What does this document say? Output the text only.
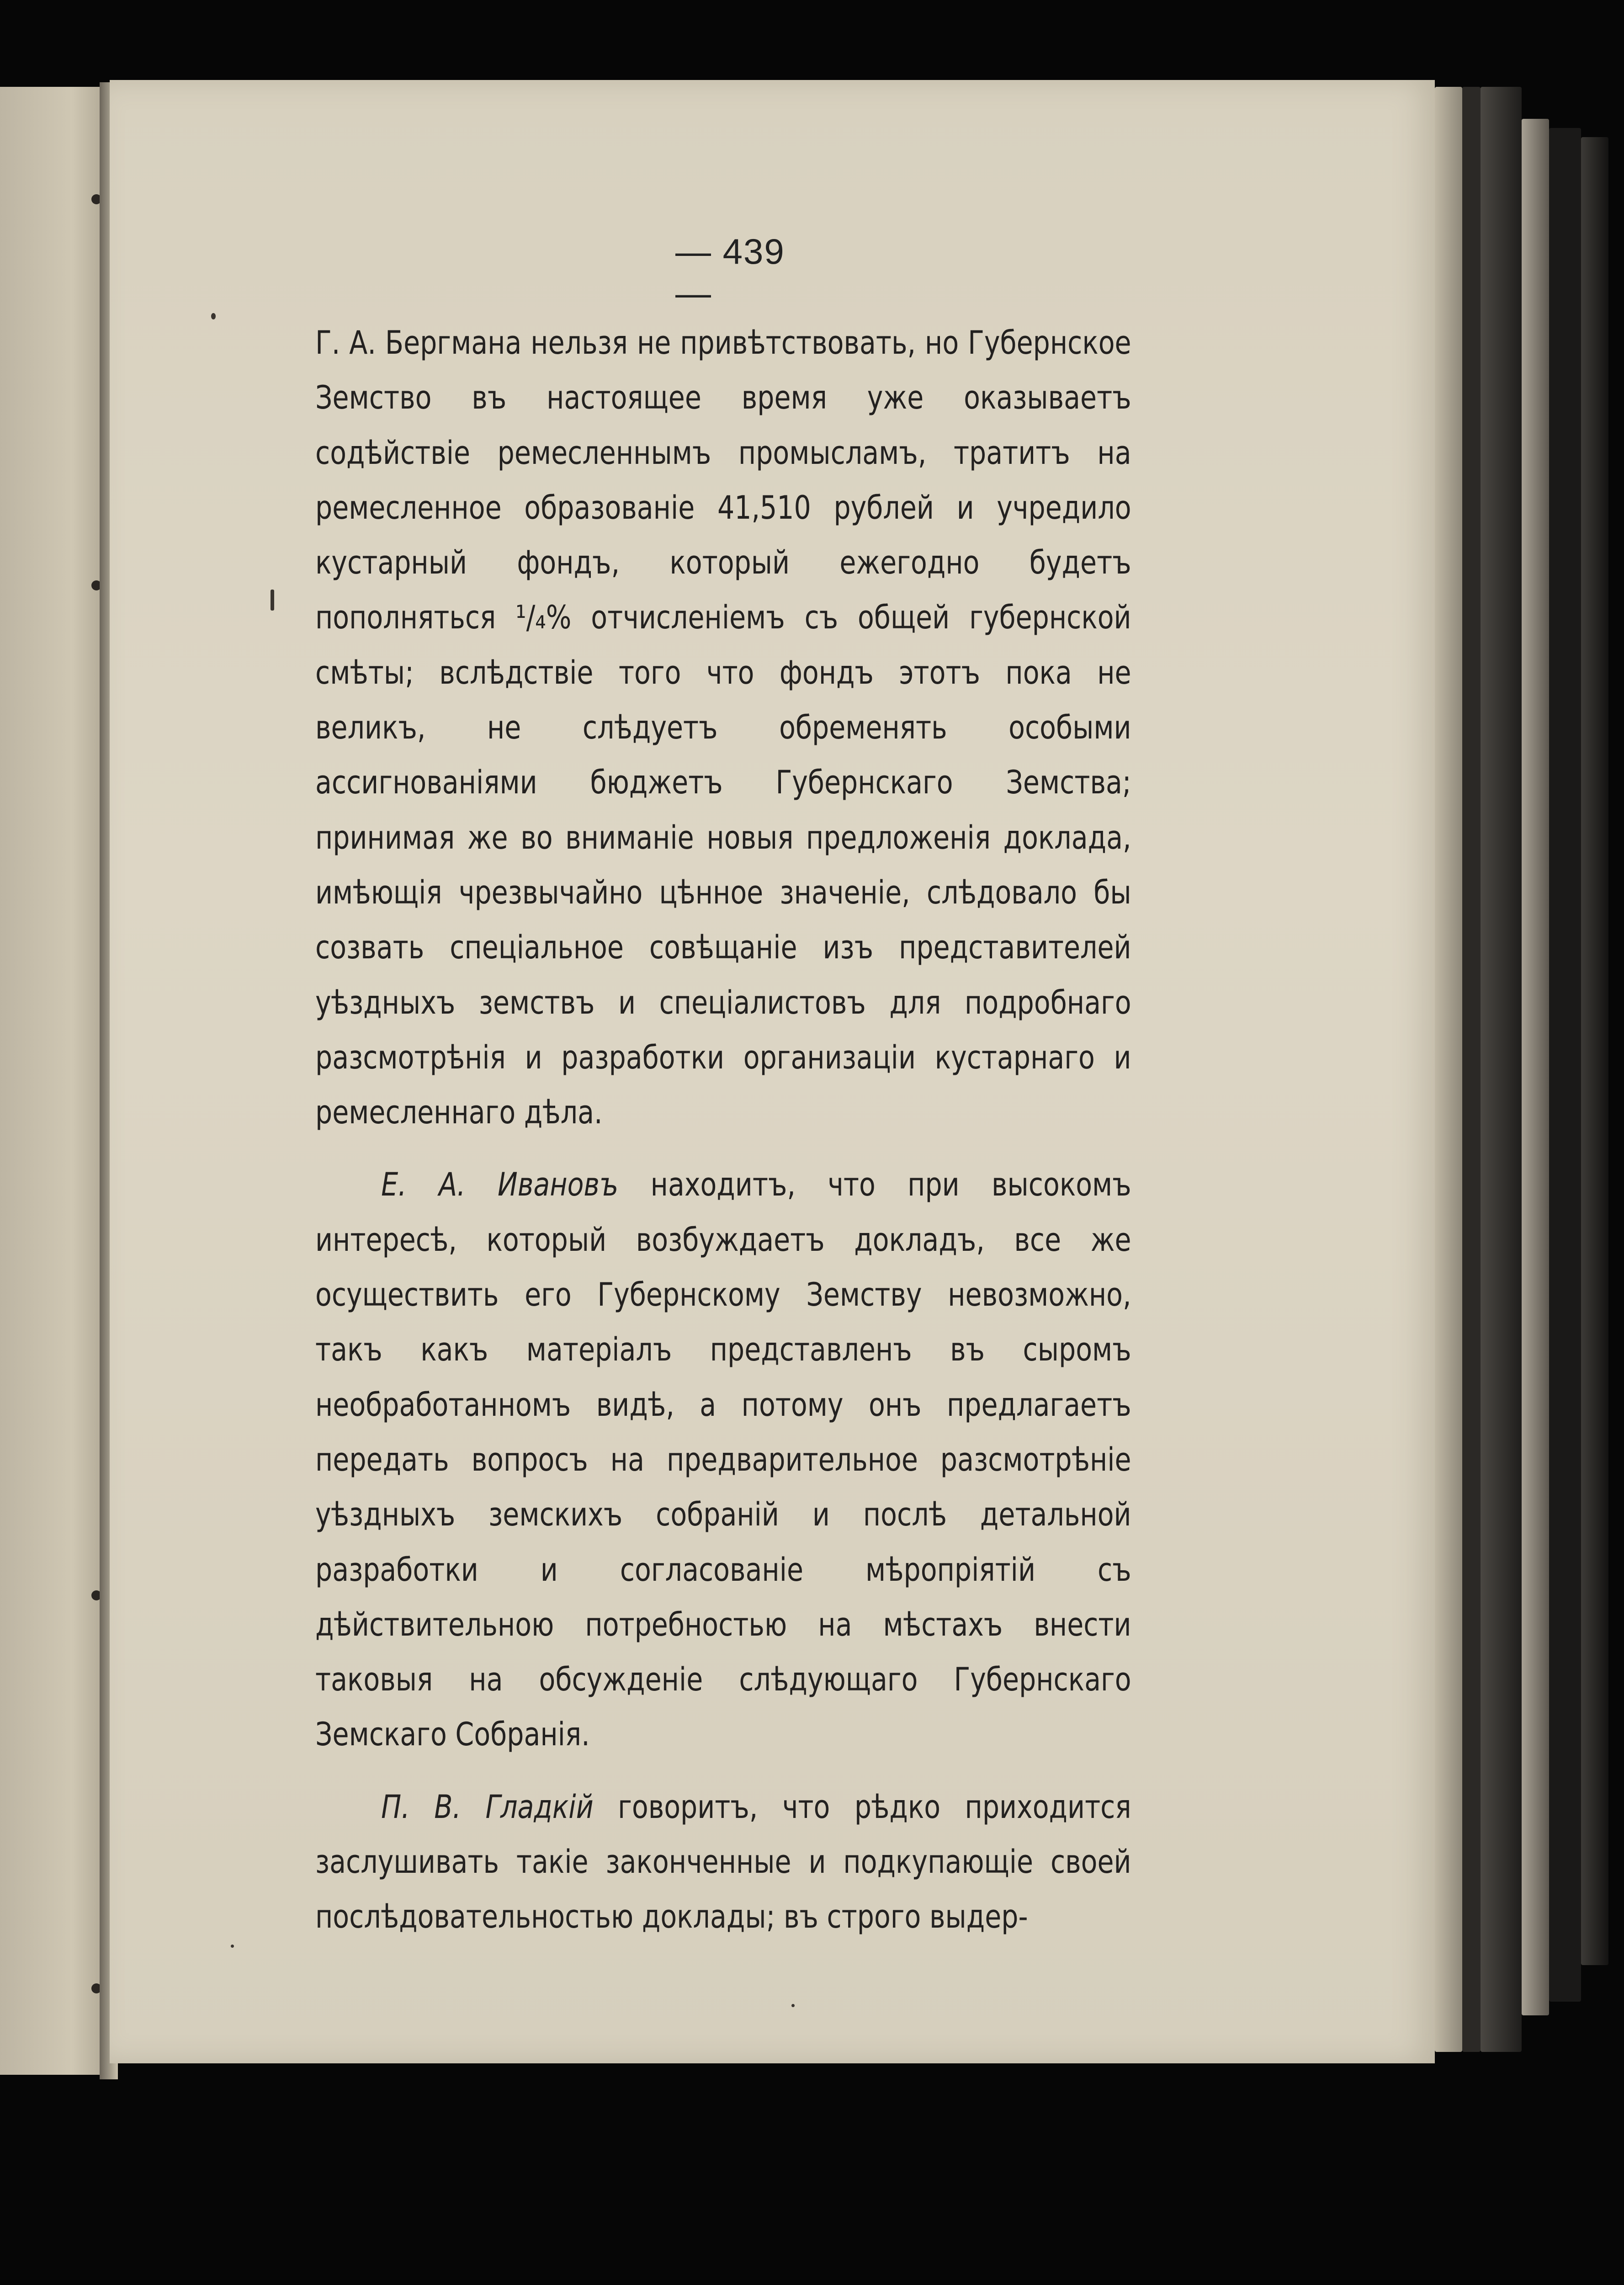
— 439 —

Г. А. Бергмана нельзя не привѣтствовать, но Губернское Земство въ настоящее время уже оказываетъ содѣйствіе ремесленнымъ промысламъ, тратитъ на ремесленное образованіе 41,510 рублей и учредило кустарный фондъ, который ежегодно будетъ пополняться ¹/₄% отчисленіемъ съ общей губернской смѣты; вслѣдствіе того что фондъ этотъ пока не великъ, не слѣдуетъ обременять особыми ассигнованіями бюджетъ Губернскаго Земства; принимая же во вниманіе новыя предложенія доклада, имѣющія чрезвычайно цѣнное значеніе, слѣдовало бы созвать спеціальное совѣщаніе изъ представителей уѣздныхъ земствъ и спеціалистовъ для подробнаго разсмотрѣнія и разработки организаціи кустарнаго и ремесленнаго дѣла.

Е. А. Ивановъ находитъ, что при высокомъ интересѣ, который возбуждаетъ докладъ, все же осуществить его Губернскому Земству невозможно, такъ какъ матеріалъ представленъ въ сыромъ необработанномъ видѣ, а потому онъ предлагаетъ передать вопросъ на предварительное разсмотрѣніе уѣздныхъ земскихъ собраній и послѣ детальной разработки и согласованіе мѣропріятій съ дѣйствительною потребностью на мѣстахъ внести таковыя на обсужденіе слѣдующаго Губернскаго Земскаго Собранія.

П. В. Гладкій говоритъ, что рѣдко приходится заслушивать такіе законченные и подкупающіе своей послѣдовательностью доклады; въ строго выдер-
